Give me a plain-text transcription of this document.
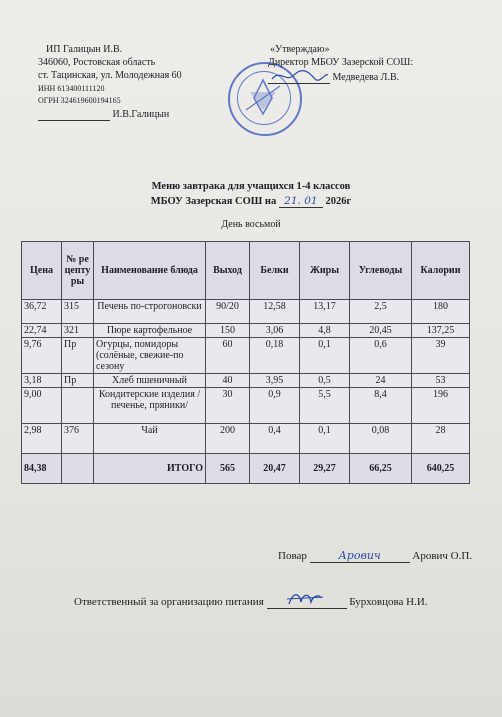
ИП Галицын И.В.
346060, Ростовская область
ст. Тацинская, ул. Молодежная 60
ИНН 613400111120
ОГРН 324619600194165
И.В.Галицын
«Утверждаю»
Директор МБОУ Зазерской СОШ:
Медведева Л.В.
Меню завтрака для учащихся 1-4 классов
МБОУ Зазерская СОШ на 21. 01 2026г
День восьмой
Цена	№ рецептуры	Наименование блюда	Выход	Белки	Жиры	Углеводы	Калории
36,72	315	Печень по-строгоновски	90/20	12,58	13,17	2,5	180
22,74	321	Пюре картофельное	150	3,06	4,8	20,45	137,25
9,76	Пр	Огурцы, помидоры (солёные, свежие-по сезону	60	0,18	0,1	0,6	39
3,18	Пр	Хлеб пшеничный	40	3,95	0,5	24	53
9,00		Кондитерские изделия /печенье, пряники/	30	0,9	5,5	8,4	196
2,98	376	Чай	200	0,4	0,1	0,08	28
84,38		ИТОГО	565	20,47	29,27	66,25	640,25
Повар	Арович	Арович О.П.
Ответственный за организацию питания	Бурховцова Н.И.
